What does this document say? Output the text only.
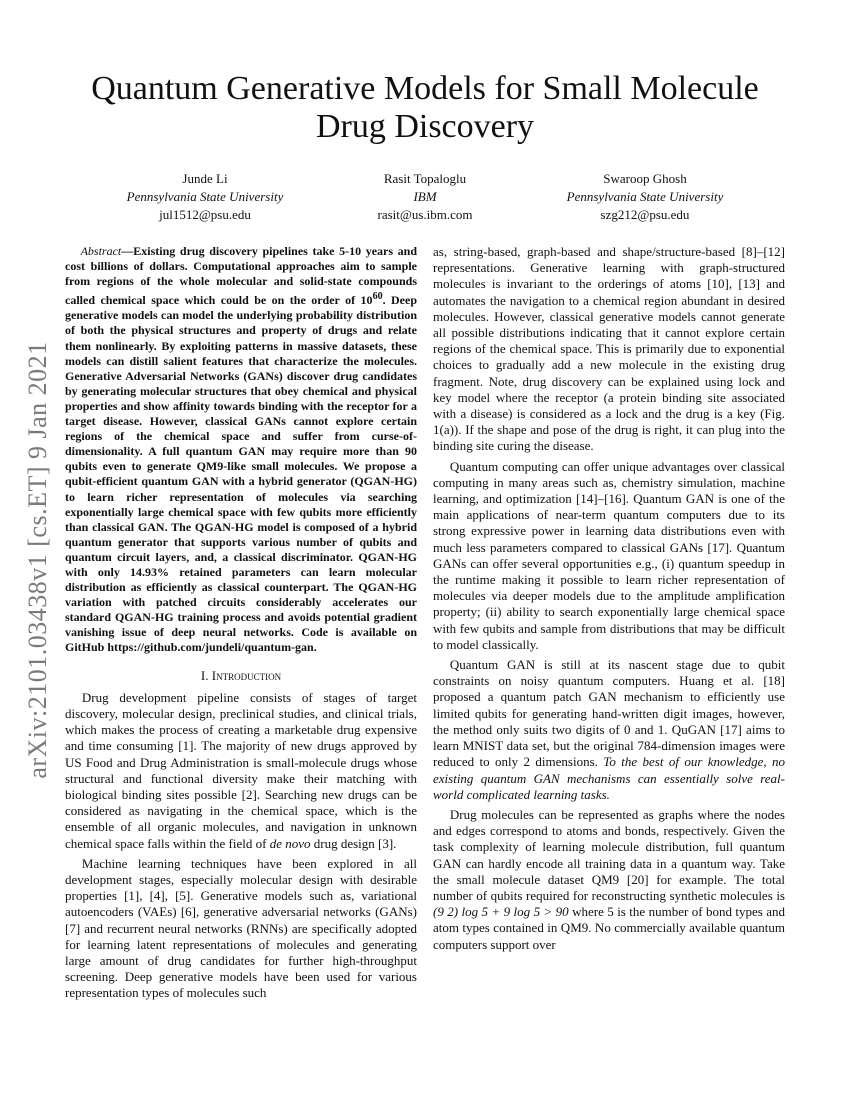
arXiv:2101.03438v1 [cs.ET] 9 Jan 2021
Quantum Generative Models for Small Molecule Drug Discovery
Junde Li
Pennsylvania State University
jul1512@psu.edu
Rasit Topaloglu
IBM
rasit@us.ibm.com
Swaroop Ghosh
Pennsylvania State University
szg212@psu.edu

Abstract—Existing drug discovery pipelines take 5-10 years and cost billions of dollars. Computational approaches aim to sample from regions of the whole molecular and solid-state compounds called chemical space which could be on the order of $10^{60}$. Deep generative models can model the underlying probability distribution of both the physical structures and property of drugs and relate them nonlinearly. By exploiting patterns in massive datasets, these models can distill salient features that characterize the molecules. Generative Adversarial Networks (GANs) discover drug candidates by generating molecular structures that obey chemical and physical properties and show affinity towards binding with the receptor for a target disease. However, classical GANs cannot explore certain regions of the chemical space and suffer from curse-of-dimensionality. A full quantum GAN may require more than 90 qubits even to generate QM9-like small molecules. We propose a qubit-efficient quantum GAN with a hybrid generator (QGAN-HG) to learn richer representation of molecules via searching exponentially large chemical space with few qubits more efficiently than classical GAN. The QGAN-HG model is composed of a hybrid quantum generator that supports various number of qubits and quantum circuit layers, and, a classical discriminator. QGAN-HG with only 14.93% retained parameters can learn molecular distribution as efficiently as classical counterpart. The QGAN-HG variation with patched circuits considerably accelerates our standard QGAN-HG training process and avoids potential gradient vanishing issue of deep neural networks. Code is available on GitHub https://github.com/jundeli/quantum-gan.

I. Introduction

Drug development pipeline consists of stages of target discovery, molecular design, preclinical studies, and clinical trials, which makes the process of creating a marketable drug expensive and time consuming [1]. The majority of new drugs approved by US Food and Drug Administration is small-molecule drugs whose structural and functional diversity make their matching with biological binding sites possible [2]. Searching new drugs can be considered as navigating in the chemical space, which is the ensemble of all organic molecules, and navigation in unknown chemical space falls within the field of de novo drug design [3].

Machine learning techniques have been explored in all development stages, especially molecular design with desirable properties [1], [4], [5]. Generative models such as, variational autoencoders (VAEs) [6], generative adversarial networks (GANs) [7] and recurrent neural networks (RNNs) are specifically adopted for learning latent representations of molecules and generating large amount of drug candidates for further high-throughput screening. Deep generative models have been used for various representation types of molecules such

as, string-based, graph-based and shape/structure-based [8]–[12] representations. Generative learning with graph-structured molecules is invariant to the orderings of atoms [10], [13] and automates the navigation to a chemical region abundant in desired molecules. However, classical generative models cannot generate all possible distributions indicating that it cannot explore certain regions of the chemical space. This is primarily due to exponential choices to gradually add a new molecule in the existing drug fragment. Note, drug discovery can be explained using lock and key model where the receptor (a protein binding site associated with a disease) is considered as a lock and the drug is a key (Fig. 1(a)). If the shape and pose of the drug is right, it can plug into the binding site curing the disease.

Quantum computing can offer unique advantages over classical computing in many areas such as, chemistry simulation, machine learning, and optimization [14]–[16]. Quantum GAN is one of the main applications of near-term quantum computers due to its strong expressive power in learning data distributions even with much less parameters compared to classical GANs [17]. Quantum GANs can offer several opportunities e.g., (i) quantum speedup in the runtime making it possible to learn richer representation of molecules via deeper models due to the amplitude amplification property; (ii) ability to search exponentially large chemical space with few qubits and sample from distributions that may be difficult to model classically.

Quantum GAN is still at its nascent stage due to qubit constraints on noisy quantum computers. Huang et al. [18] proposed a quantum patch GAN mechanism to efficiently use limited qubits for generating hand-written digit images, however, the method only suits two digits of 0 and 1. QuGAN [17] aims to learn MNIST data set, but the original 784-dimension images were reduced to only 2 dimensions. To the best of our knowledge, no existing quantum GAN mechanisms can essentially solve real-world complicated learning tasks.

Drug molecules can be represented as graphs where the nodes and edges correspond to atoms and bonds, respectively. Given the task complexity of learning molecule distribution, full quantum GAN can hardly encode all training data in a quantum way. Take the small molecule dataset QM9 [20] for example. The total number of qubits required for reconstructing synthetic molecules is (9 2) log 5 + 9 log 5 > 90 where 5 is the number of bond types and atom types contained in QM9. No commercially available quantum computers support over
